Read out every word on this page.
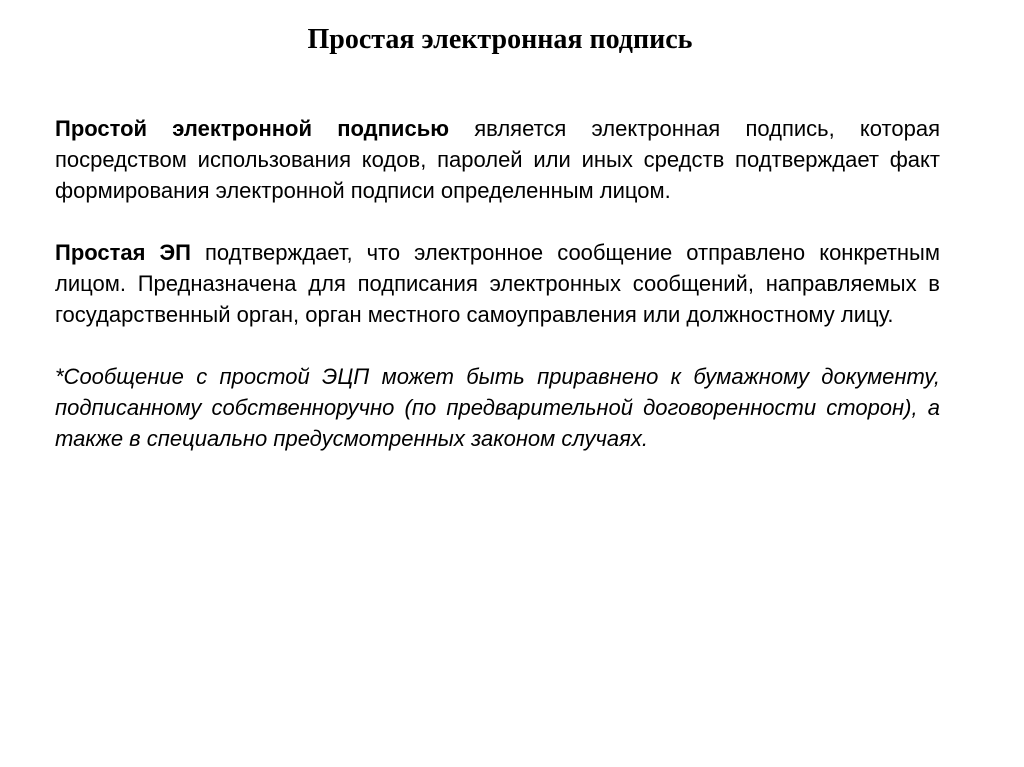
Простая электронная подпись

Простой электронной подписью является электронная подпись, которая посредством использования кодов, паролей или иных средств подтверждает факт формирования электронной подписи определенным лицом.

Простая ЭП подтверждает, что электронное сообщение отправлено конкретным лицом. Предназначена для подписания электронных сообщений, направляемых в государственный орган, орган местного самоуправления или должностному лицу.

*Сообщение с простой ЭЦП может быть приравнено к бумажному документу, подписанному собственноручно (по предварительной договоренности сторон), а также в специально предусмотренных законом случаях.
